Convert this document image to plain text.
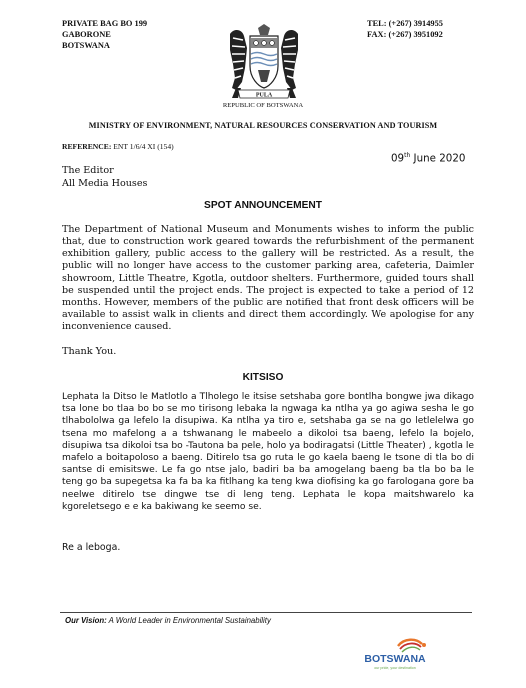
PRIVATE BAG BO 199
GABORONE
BOTSWANA
TEL: (+267) 3914955
FAX: (+267) 3951092
PULA
REPUBLIC OF BOTSWANA
MINISTRY OF ENVIRONMENT, NATURAL RESOURCES CONSERVATION AND TOURISM
REFERENCE: ENT 1/6/4 XI (154)
09th June 2020
The Editor
All Media Houses
SPOT ANNOUNCEMENT
The Department of National Museum and Monuments wishes to inform the public that, due to construction work geared towards the refurbishment of the permanent exhibition gallery, public access to the gallery will be restricted. As a result, the public will no longer have access to the customer parking area, cafeteria, Daimler showroom, Little Theatre, Kgotla, outdoor shelters. Furthermore, guided tours shall be suspended until the project ends. The project is expected to take a period of 12 months. However, members of the public are notified that front desk officers will be available to assist walk in clients and direct them accordingly. We apologise for any inconvenience caused.
Thank You.
KITSISO
Lephata la Ditso le Matlotlo a Tlholego le itsise setshaba gore bontlha bongwe jwa dikago tsa lone bo tlaa bo bo se mo tirisong lebaka la ngwaga ka ntlha ya go agiwa sesha le go tlhabololwa ga lefelo la disupiwa. Ka ntlha ya tiro e, setshaba ga se na go letlelelwa go tsena mo mafelong a a tshwanang le mabeelo a dikoloi tsa baeng, lefelo la bojelo, disupiwa tsa dikoloi tsa bo -Tautona ba pele, holo ya bodiragatsi (Little Theater) , kgotla le mafelo a boitapoloso a baeng. Ditirelo tsa go ruta le go kaela baeng le tsone di tla bo di santse di emisitswe. Le fa go ntse jalo, badiri ba ba amogelang baeng ba tla bo ba le teng go ba supegetsa ka fa ba ka fitlhang ka teng kwa diofising ka go farologana gore ba neelwe ditirelo tse dingwe tse di leng teng. Lephata le kopa maitshwarelo ka kgoreletsego e e ka bakiwang ke seemo se.
Re a leboga.
Our Vision: A World Leader in Environmental Sustainability
BOTSWANA
our pride, your destination
